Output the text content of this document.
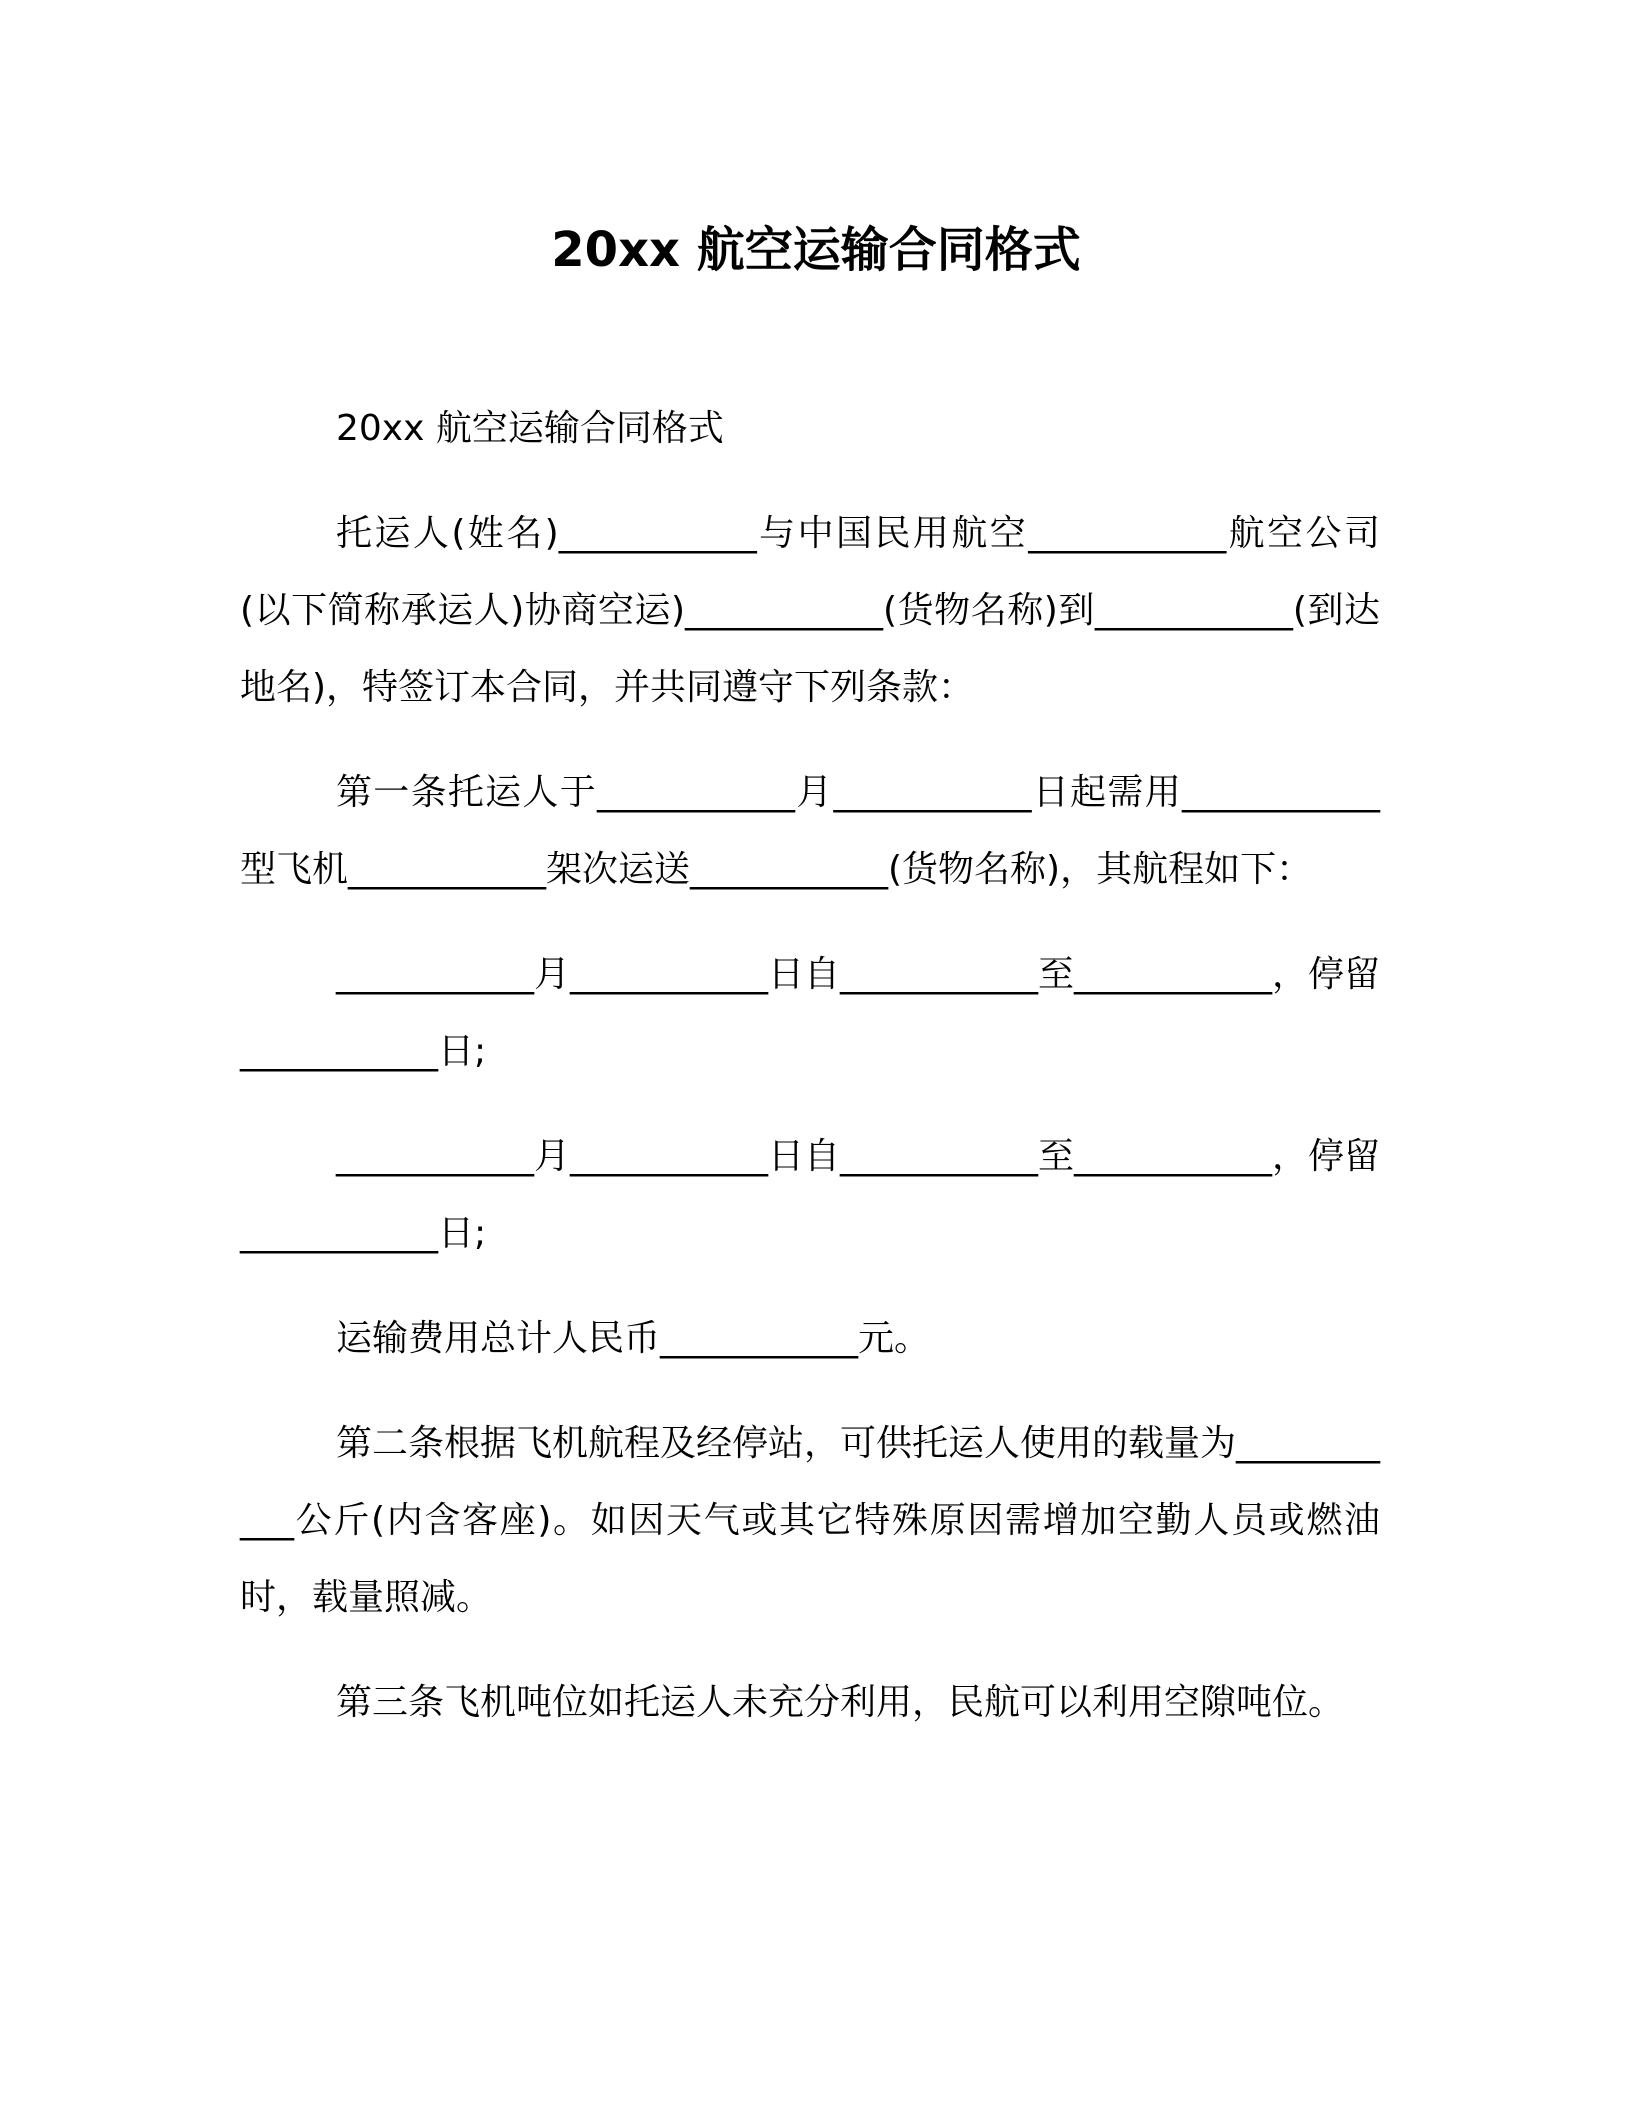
20xx 航空运输合同格式

20xx 航空运输合同格式

托运人(姓名)___________与中国民用航空___________航空公司(以下简称承运人)协商空运)___________(货物名称)到___________(到达地名)，特签订本合同，并共同遵守下列条款：

第一条托运人于___________月___________日起需用___________型飞机___________架次运送___________(货物名称)，其航程如下：

___________月___________日自___________至___________，停留___________日;

___________月___________日自___________至___________，停留___________日;

运输费用总计人民币___________元。

第二条根据飞机航程及经停站，可供托运人使用的载量为___________公斤(内含客座)。如因天气或其它特殊原因需增加空勤人员或燃油时，载量照减。

第三条飞机吨位如托运人未充分利用，民航可以利用空隙吨位。
